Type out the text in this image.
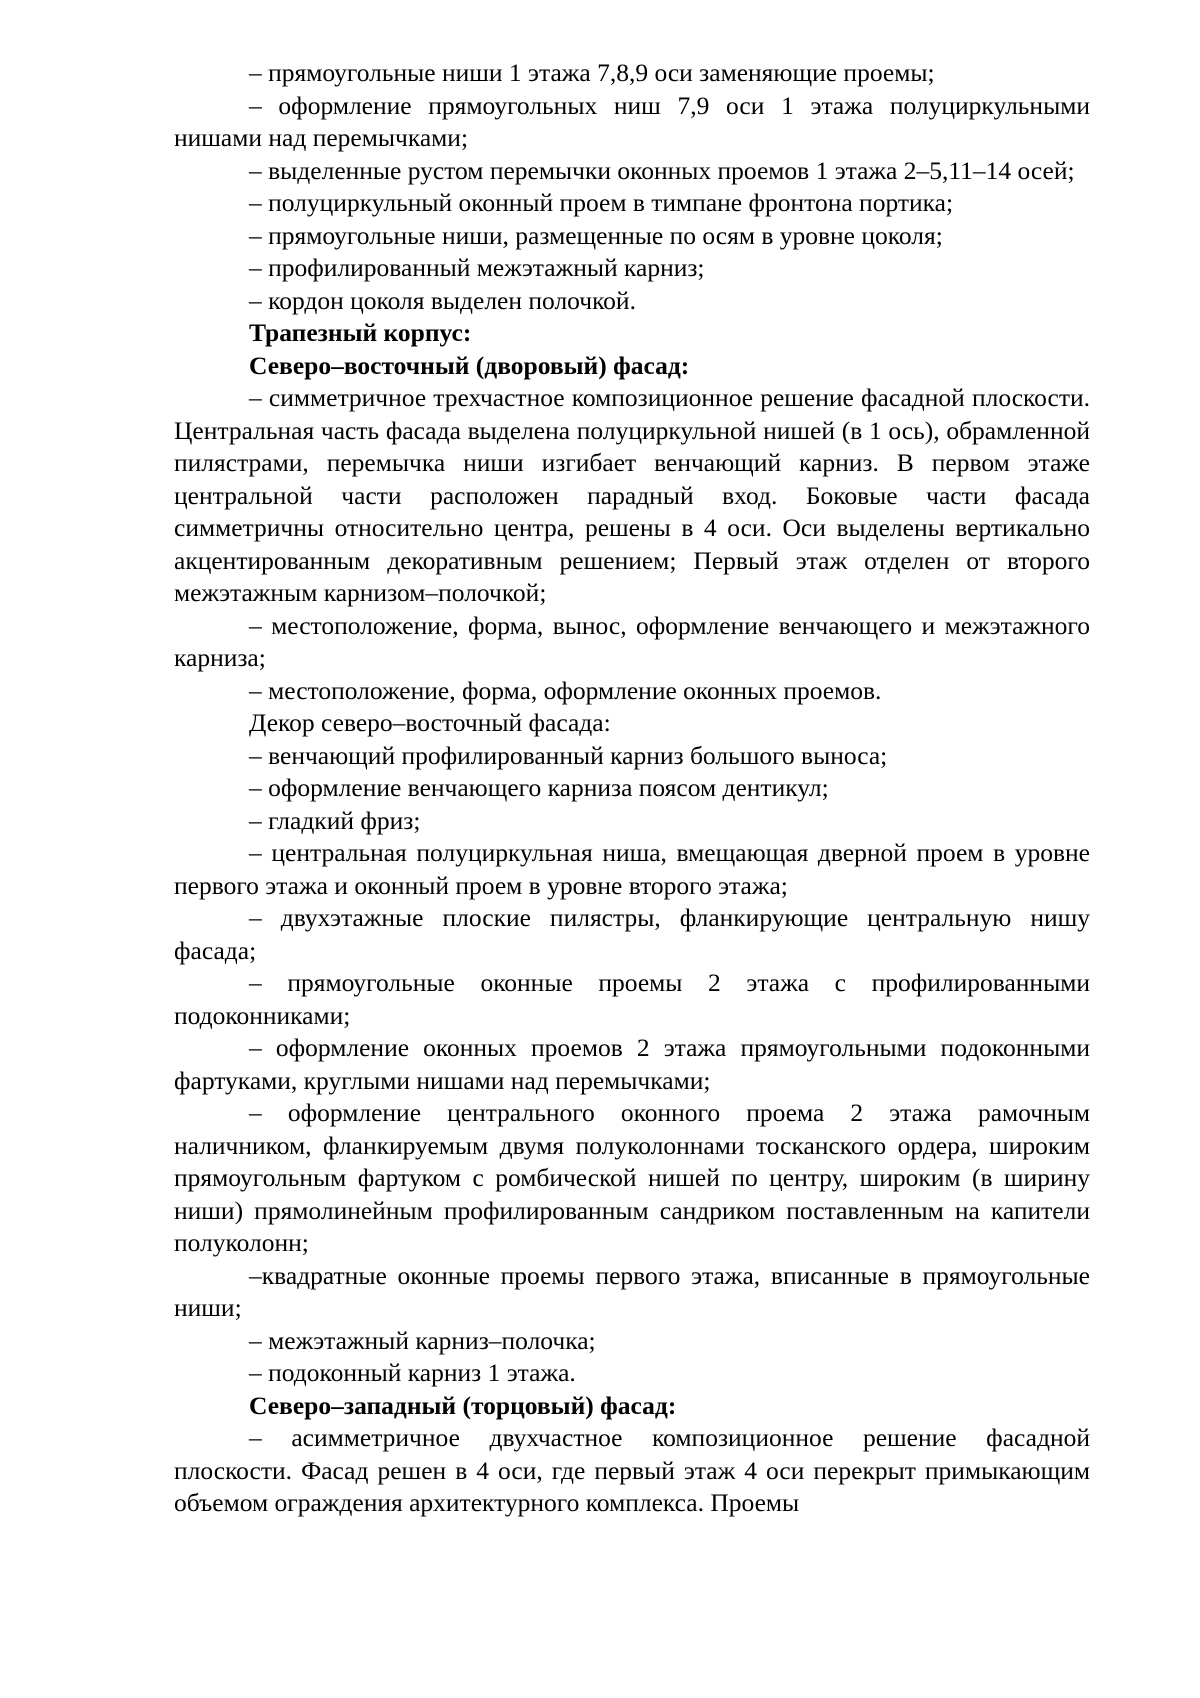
– прямоугольные ниши 1 этажа 7,8,9 оси заменяющие проемы;

– оформление прямоугольных ниш 7,9 оси 1 этажа полуциркульными нишами над перемычками;

– выделенные рустом перемычки оконных проемов 1 этажа 2–5,11–14 осей;

– полуциркульный оконный проем в тимпане фронтона портика;

– прямоугольные ниши, размещенные по осям в уровне цоколя;

– профилированный межэтажный карниз;

– кордон цоколя выделен полочкой.

Трапезный корпус:

Северо–восточный (дворовый) фасад:

– симметричное трехчастное композиционное решение фасадной плоскости. Центральная часть фасада выделена полуциркульной нишей (в 1 ось), обрамленной пилястрами, перемычка ниши изгибает венчающий карниз. В первом этаже центральной части расположен парадный вход. Боковые части фасада симметричны относительно центра, решены в 4 оси. Оси выделены вертикально акцентированным декоративным решением; Первый этаж отделен от второго межэтажным карнизом–полочкой;

– местоположение, форма, вынос, оформление венчающего и межэтажного карниза;

– местоположение, форма, оформление оконных проемов.

Декор северо–восточный фасада:

– венчающий профилированный карниз большого выноса;

– оформление венчающего карниза поясом дентикул;

– гладкий фриз;

– центральная полуциркульная ниша, вмещающая дверной проем в уровне первого этажа и оконный проем в уровне второго этажа;

– двухэтажные плоские пилястры, фланкирующие центральную нишу фасада;

– прямоугольные оконные проемы 2 этажа с профилированными подоконниками;

– оформление оконных проемов 2 этажа прямоугольными подоконными фартуками, круглыми нишами над перемычками;

– оформление центрального оконного проема 2 этажа рамочным наличником, фланкируемым двумя полуколоннами тосканского ордера, широким прямоугольным фартуком с ромбической нишей по центру, широким (в ширину ниши) прямолинейным профилированным сандриком поставленным на капители полуколонн;

–квадратные оконные проемы первого этажа, вписанные в прямоугольные ниши;

– межэтажный карниз–полочка;

– подоконный карниз 1 этажа.

Северо–западный (торцовый) фасад:

– асимметричное двухчастное композиционное решение фасадной плоскости. Фасад решен в 4 оси, где первый этаж 4 оси перекрыт примыкающим объемом ограждения архитектурного комплекса. Проемы
